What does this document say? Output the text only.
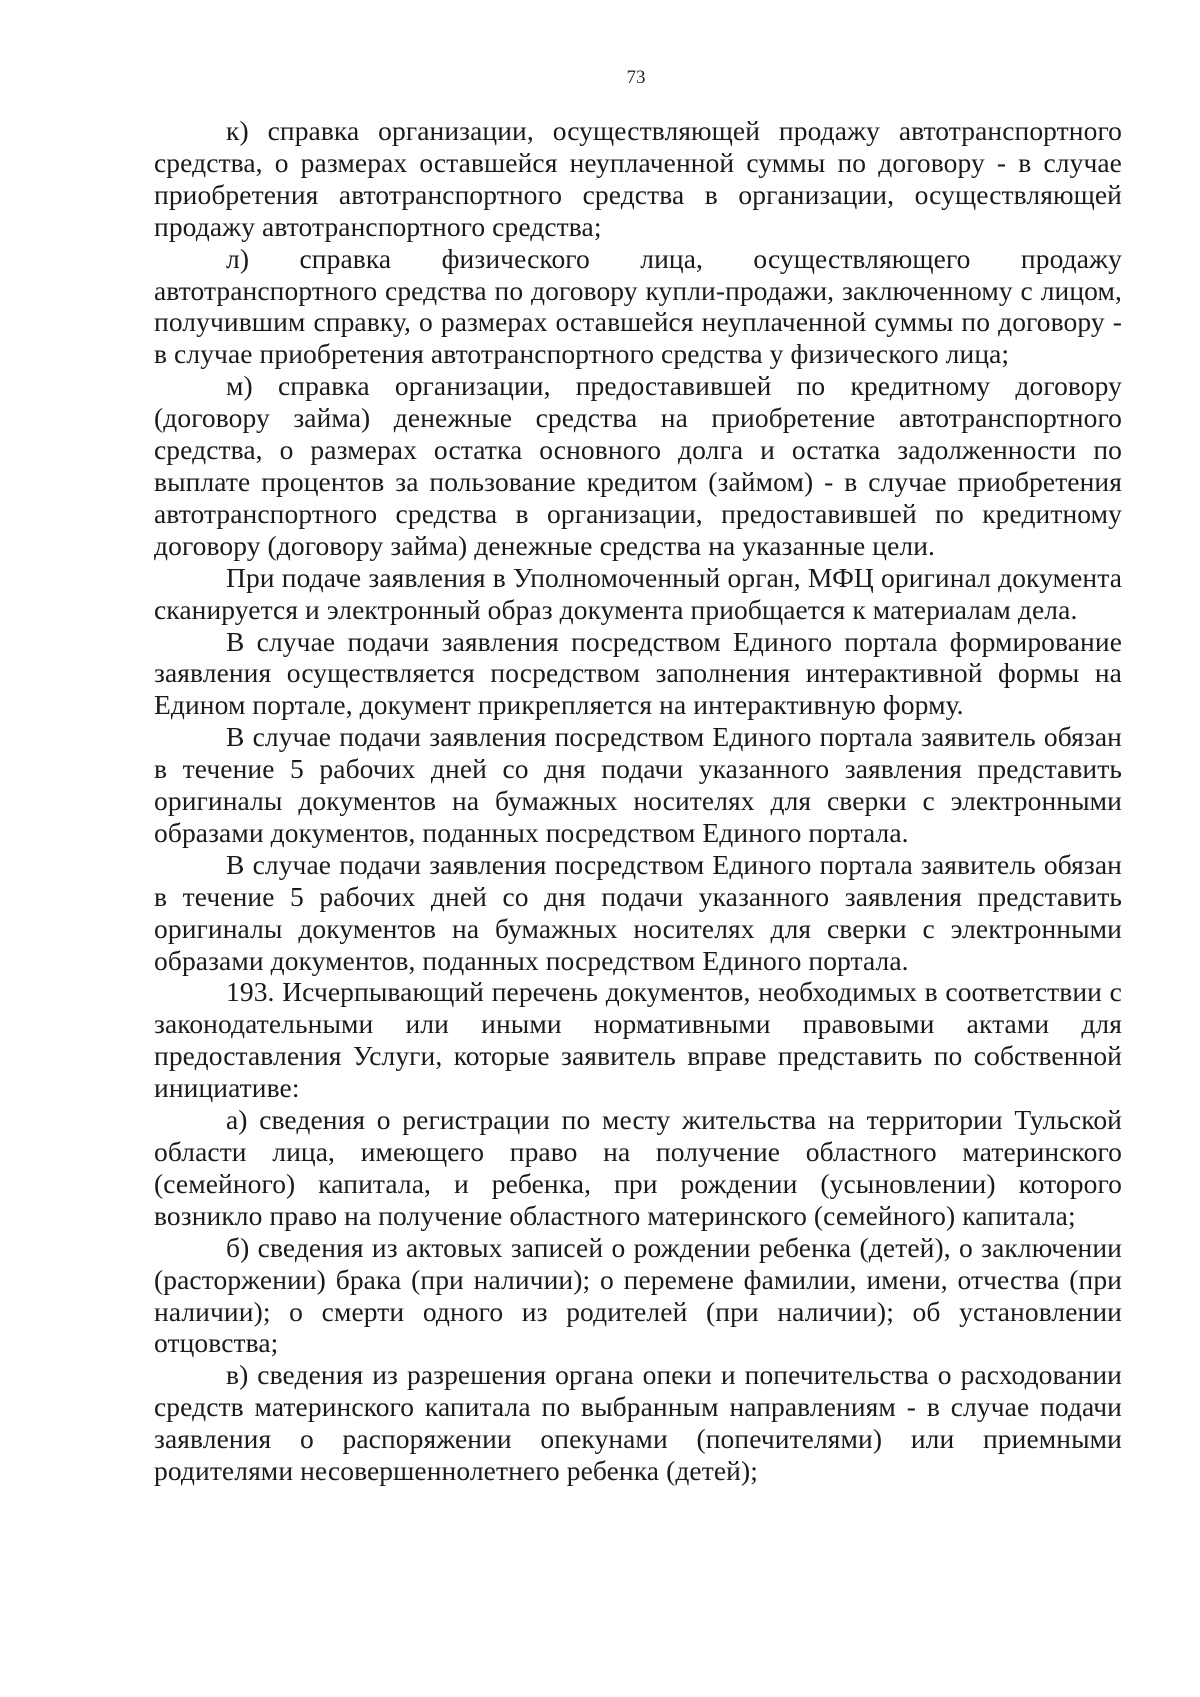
73

к) справка организации, осуществляющей продажу автотранспортного средства, о размерах оставшейся неуплаченной суммы по договору - в случае приобретения автотранспортного средства в организации, осуществляющей продажу автотранспортного средства;

л) справка физического лица, осуществляющего продажу автотранспортного средства по договору купли-продажи, заключенному с лицом, получившим справку, о размерах оставшейся неуплаченной суммы по договору - в случае приобретения автотранспортного средства у физического лица;

м) справка организации, предоставившей по кредитному договору (договору займа) денежные средства на приобретение автотранспортного средства, о размерах остатка основного долга и остатка задолженности по выплате процентов за пользование кредитом (займом) - в случае приобретения автотранспортного средства в организации, предоставившей по кредитному договору (договору займа) денежные средства на указанные цели.

При подаче заявления в Уполномоченный орган, МФЦ оригинал документа сканируется и электронный образ документа приобщается к материалам дела.

В случае подачи заявления посредством Единого портала формирование заявления осуществляется посредством заполнения интерактивной формы на Едином портале, документ прикрепляется на интерактивную форму.

В случае подачи заявления посредством Единого портала заявитель обязан в течение 5 рабочих дней со дня подачи указанного заявления представить оригиналы документов на бумажных носителях для сверки с электронными образами документов, поданных посредством Единого портала.

В случае подачи заявления посредством Единого портала заявитель обязан в течение 5 рабочих дней со дня подачи указанного заявления представить оригиналы документов на бумажных носителях для сверки с электронными образами документов, поданных посредством Единого портала.

193. Исчерпывающий перечень документов, необходимых в соответствии с законодательными или иными нормативными правовыми актами для предоставления Услуги, которые заявитель вправе представить по собственной инициативе:

а) сведения о регистрации по месту жительства на территории Тульской области лица, имеющего право на получение областного материнского (семейного) капитала, и ребенка, при рождении (усыновлении) которого возникло право на получение областного материнского (семейного) капитала;

б) сведения из актовых записей о рождении ребенка (детей), о заключении (расторжении) брака (при наличии); о перемене фамилии, имени, отчества (при наличии); о смерти одного из родителей (при наличии); об установлении отцовства;

в) сведения из разрешения органа опеки и попечительства о расходовании средств материнского капитала по выбранным направлениям - в случае подачи заявления о распоряжении опекунами (попечителями) или приемными родителями несовершеннолетнего ребенка (детей);
